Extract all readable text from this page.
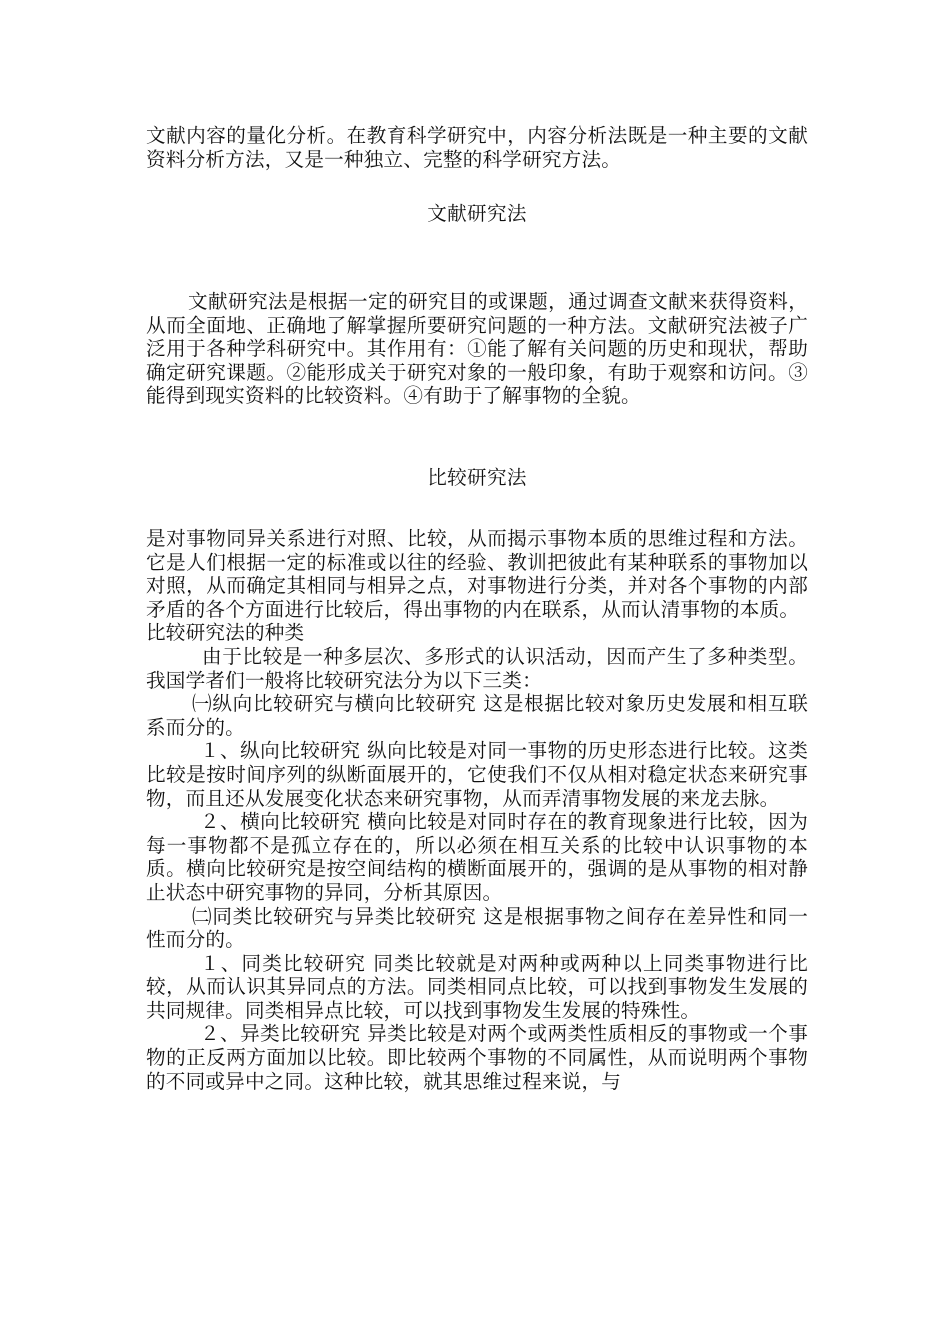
文献内容的量化分析。在教育科学研究中，内容分析法既是一种主要的文献资料分析方法，又是一种独立、完整的科学研究方法。

文献研究法

文献研究法是根据一定的研究目的或课题，通过调查文献来获得资料，从而全面地、正确地了解掌握所要研究问题的一种方法。文献研究法被子广泛用于各种学科研究中。其作用有：①能了解有关问题的历史和现状，帮助确定研究课题。②能形成关于研究对象的一般印象，有助于观察和访问。③能得到现实资料的比较资料。④有助于了解事物的全貌。

比较研究法

是对事物同异关系进行对照、比较，从而揭示事物本质的思维过程和方法。它是人们根据一定的标准或以往的经验、教训把彼此有某种联系的事物加以对照，从而确定其相同与相异之点，对事物进行分类，并对各个事物的内部矛盾的各个方面进行比较后，得出事物的内在联系，从而认清事物的本质。

比较研究法的种类

由于比较是一种多层次、多形式的认识活动，因而产生了多种类型。我国学者们一般将比较研究法分为以下三类：

㈠纵向比较研究与横向比较研究 这是根据比较对象历史发展和相互联系而分的。

１、纵向比较研究 纵向比较是对同一事物的历史形态进行比较。这类比较是按时间序列的纵断面展开的，它使我们不仅从相对稳定状态来研究事物，而且还从发展变化状态来研究事物，从而弄清事物发展的来龙去脉。

２、横向比较研究 横向比较是对同时存在的教育现象进行比较，因为每一事物都不是孤立存在的，所以必须在相互关系的比较中认识事物的本质。横向比较研究是按空间结构的横断面展开的，强调的是从事物的相对静止状态中研究事物的异同，分析其原因。

㈡同类比较研究与异类比较研究 这是根据事物之间存在差异性和同一性而分的。

１、同类比较研究 同类比较就是对两种或两种以上同类事物进行比较，从而认识其异同点的方法。同类相同点比较，可以找到事物发生发展的共同规律。同类相异点比较，可以找到事物发生发展的特殊性。

２、异类比较研究 异类比较是对两个或两类性质相反的事物或一个事物的正反两方面加以比较。即比较两个事物的不同属性，从而说明两个事物的不同或异中之同。这种比较，就其思维过程来说，与
